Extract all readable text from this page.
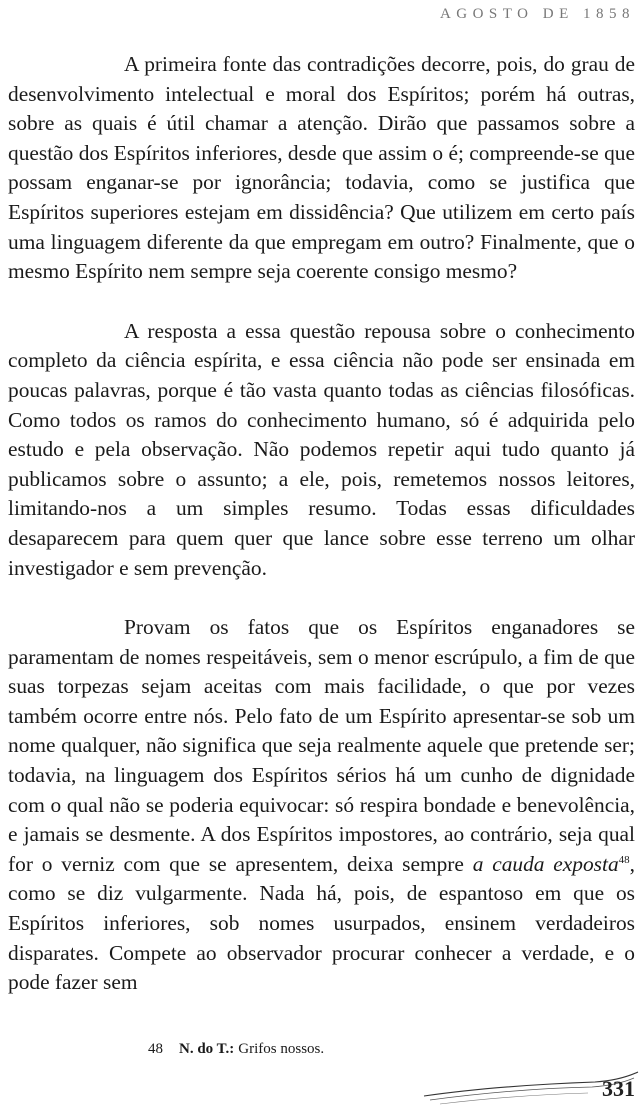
AGOSTO DE 1858

A primeira fonte das contradições decorre, pois, do grau de desenvolvimento intelectual e moral dos Espíritos; porém há outras, sobre as quais é útil chamar a atenção. Dirão que passamos sobre a questão dos Espíritos inferiores, desde que assim o é; compreende-se que possam enganar-se por ignorância; todavia, como se justifica que Espíritos superiores estejam em dissidência? Que utilizem em certo país uma linguagem diferente da que empregam em outro? Finalmente, que o mesmo Espírito nem sempre seja coerente consigo mesmo?

A resposta a essa questão repousa sobre o conhecimento completo da ciência espírita, e essa ciência não pode ser ensinada em poucas palavras, porque é tão vasta quanto todas as ciências filosóficas. Como todos os ramos do conhecimento humano, só é adquirida pelo estudo e pela observação. Não podemos repetir aqui tudo quanto já publicamos sobre o assunto; a ele, pois, remetemos nossos leitores, limitando-nos a um simples resumo. Todas essas dificuldades desaparecem para quem quer que lance sobre esse terreno um olhar investigador e sem prevenção.

Provam os fatos que os Espíritos enganadores se paramentam de nomes respeitáveis, sem o menor escrúpulo, a fim de que suas torpezas sejam aceitas com mais facilidade, o que por vezes também ocorre entre nós. Pelo fato de um Espírito apresentar-se sob um nome qualquer, não significa que seja realmente aquele que pretende ser; todavia, na linguagem dos Espíritos sérios há um cunho de dignidade com o qual não se poderia equivocar: só respira bondade e benevolência, e jamais se desmente. A dos Espíritos impostores, ao contrário, seja qual for o verniz com que se apresentem, deixa sempre a cauda exposta$^{48}$, como se diz vulgarmente. Nada há, pois, de espantoso em que os Espíritos inferiores, sob nomes usurpados, ensinem verdadeiros disparates. Compete ao observador procurar conhecer a verdade, e o pode fazer sem

48 N. do T.: Grifos nossos.
331
